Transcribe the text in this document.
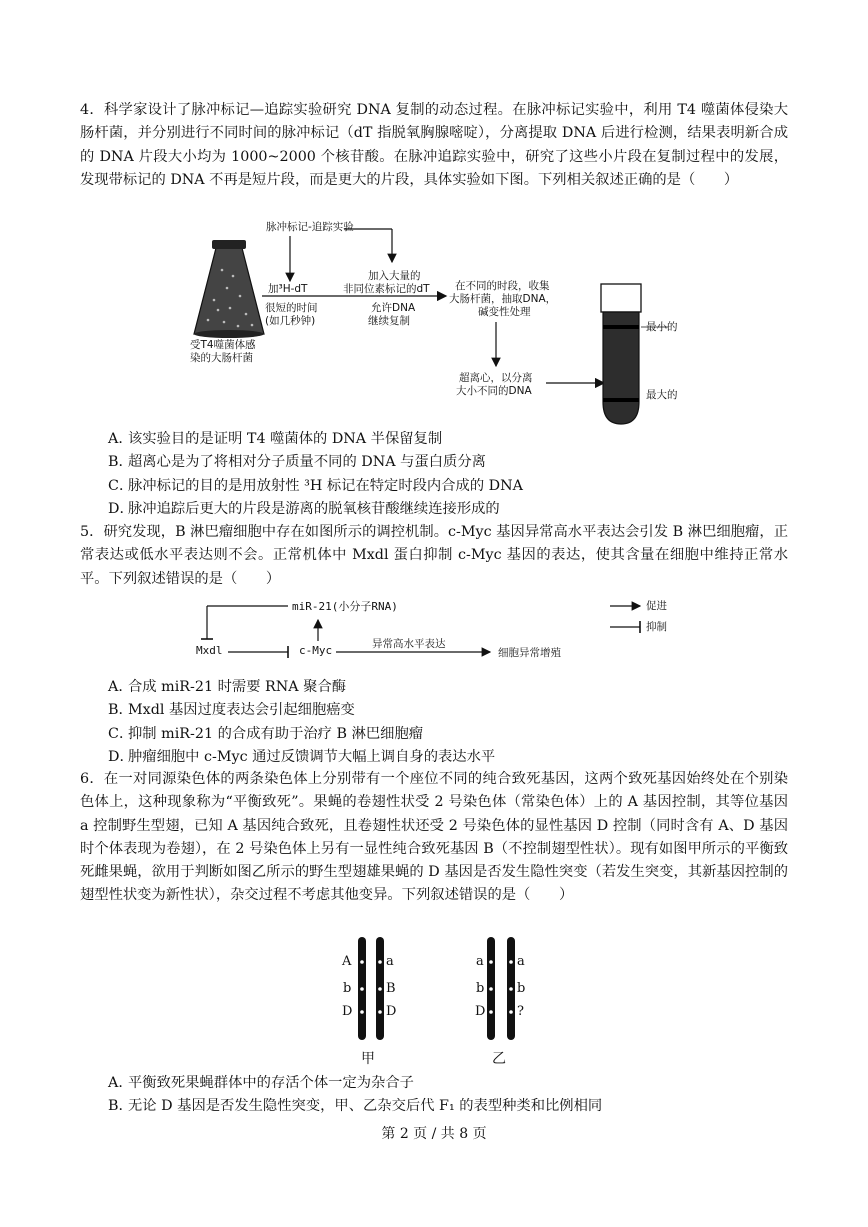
4．科学家设计了脉冲标记—追踪实验研究 DNA 复制的动态过程。在脉冲标记实验中，利用 T4 噬菌体侵染大肠杆菌，并分别进行不同时间的脉冲标记（dT 指脱氧胸腺嘧啶），分离提取 DNA 后进行检测，结果表明新合成的 DNA 片段大小均为 1000~2000 个核苷酸。在脉冲追踪实验中，研究了这些小片段在复制过程中的发展，发现带标记的 DNA 不再是短片段，而是更大的片段，具体实验如下图。下列相关叙述正确的是（　　）

脉冲标记-追踪实验
受T4噬菌体感
染的大肠杆菌
加³H-dT
很短的时间
(如几秒钟)
加入大量的
非同位素标记的dT
允许DNA
继续复制
在不同的时段，收集
大肠杆菌，抽取DNA，
碱变性处理
超离心，以分离
大小不同的DNA
最小的
最大的
A．该实验目的是证明 T4 噬菌体的 DNA 半保留复制
B．超离心是为了将相对分子质量不同的 DNA 与蛋白质分离
C．脉冲标记的目的是用放射性 ³H 标记在特定时段内合成的 DNA
D．脉冲追踪后更大的片段是游离的脱氧核苷酸继续连接形成的

5．研究发现，B 淋巴瘤细胞中存在如图所示的调控机制。c-Myc 基因异常高水平表达会引发 B 淋巴细胞瘤，正常表达或低水平表达则不会。正常机体中 Mxdl 蛋白抑制 c-Myc 基因的表达，使其含量在细胞中维持正常水平。下列叙述错误的是（　　）

miR-21(小分子RNA)
Mxdl	c-Myc	异常高水平表达
细胞异常增殖
促进
抑制
A．合成 miR-21 时需要 RNA 聚合酶
B．Mxdl 基因过度表达会引起细胞癌变
C．抑制 miR-21 的合成有助于治疗 B 淋巴细胞瘤
D．肿瘤细胞中 c-Myc 通过反馈调节大幅上调自身的表达水平

6．在一对同源染色体的两条染色体上分别带有一个座位不同的纯合致死基因，这两个致死基因始终处在个别染色体上，这种现象称为“平衡致死”。果蝇的卷翅性状受 2 号染色体（常染色体）上的 A 基因控制，其等位基因 a 控制野生型翅，已知 A 基因纯合致死，且卷翅性状还受 2 号染色体的显性基因 D 控制（同时含有 A、D 基因时个体表现为卷翅），在 2 号染色体上另有一显性纯合致死基因 B（不控制翅型性状）。现有如图甲所示的平衡致死雌果蝇，欲用于判断如图乙所示的野生型翅雄果蝇的 D 基因是否发生隐性突变（若发生突变，其新基因控制的翅型性状变为新性状），杂交过程不考虑其他变异。下列叙述错误的是（　　）

A
b
D
a
B
D
a
b
D
a
b
?
甲	乙
A．平衡致死果蝇群体中的存活个体一定为杂合子
B．无论 D 基因是否发生隐性突变，甲、乙杂交后代 F₁ 的表型种类和比例相同
第 2 页 / 共 8 页
